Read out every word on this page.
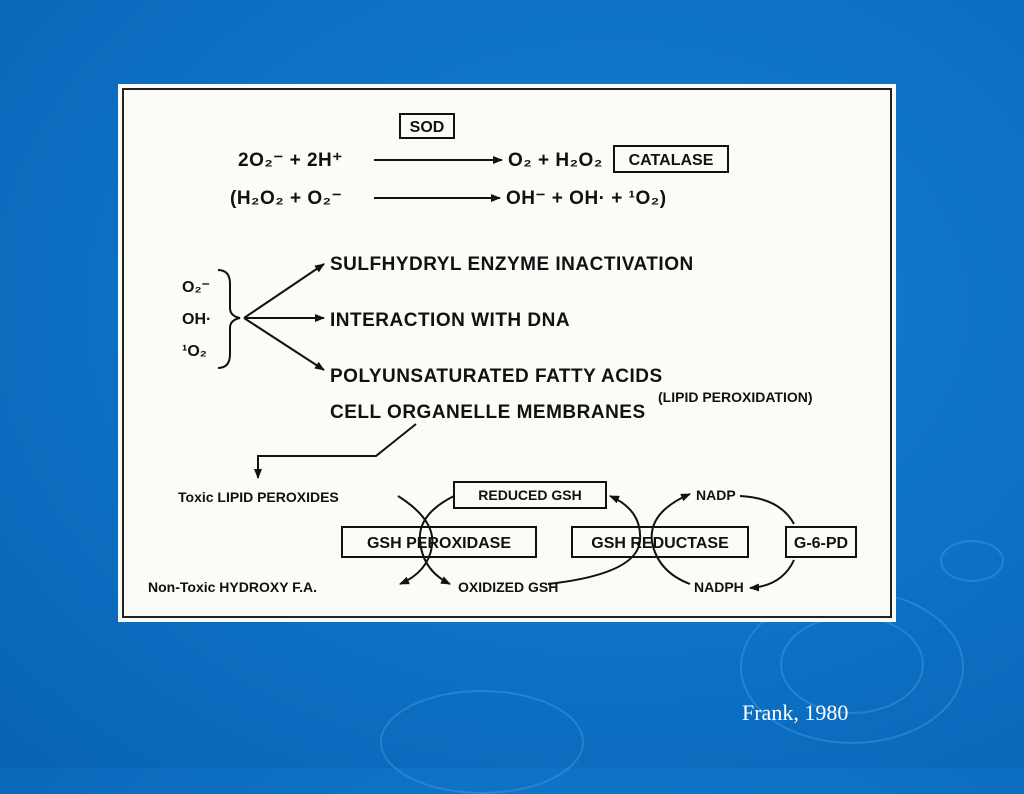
SOD
2O₂⁻ + 2H⁺	O₂ + H₂O₂ CATALASE
(H₂O₂ + O₂⁻	OH⁻ + OH· + ¹O₂)
O₂⁻
OH·
¹O₂
SULFHYDRYL ENZYME INACTIVATION
INTERACTION WITH DNA
POLYUNSATURATED FATTY ACIDS
CELL ORGANELLE MEMBRANES
(LIPID PEROXIDATION)
Toxic LIPID PEROXIDES
Non-Toxic HYDROXY F.A.
REDUCED GSH
OXIDIZED GSH
GSH PEROXIDASE	GSH REDUCTASE	G-6-PD
NADP
NADPH
Frank, 1980
